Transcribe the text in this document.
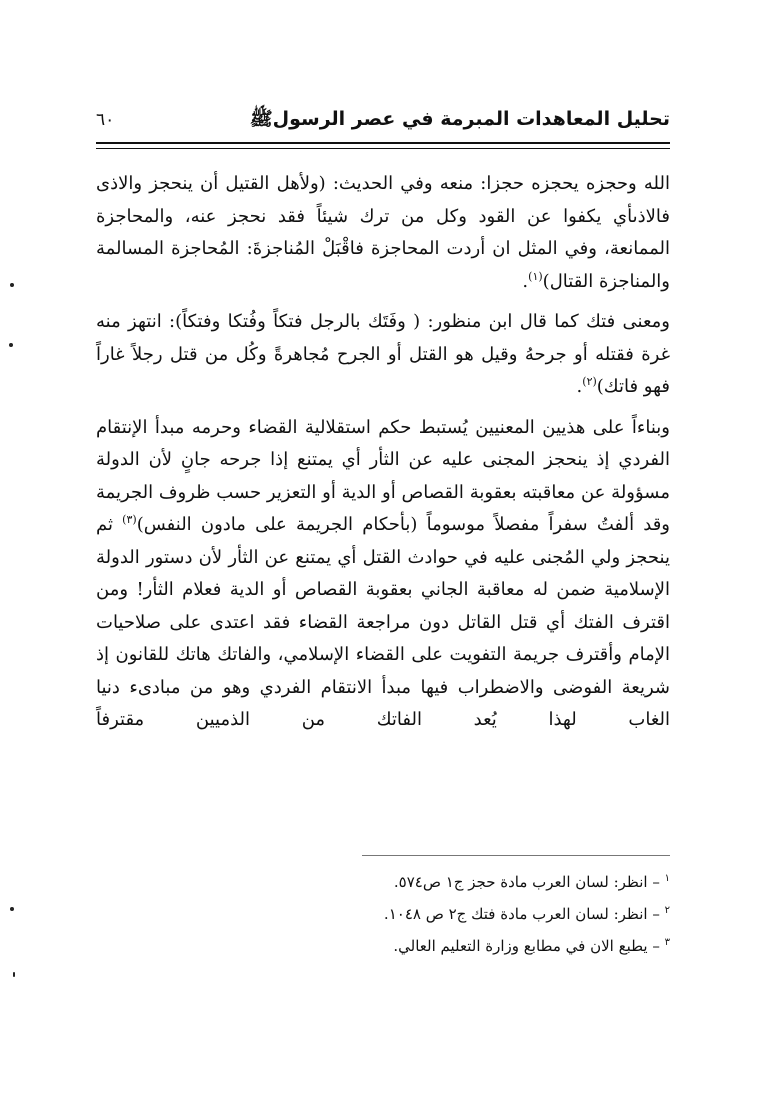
تحليل المعاهدات المبرمة في عصر الرسولﷺ
٦٠

الله وحجزه يحجزه حجزا: منعه وفي الحديث: (ولأهل القتيل أن ينحجز والاذى فالاذىأي يكفوا عن القود وكل من ترك شيئاً فقد نحجز عنه، والمحاجزة الممانعة، وفي المثل ان أردت المحاجزة فاقْبَلْ المُناجزةَ: المُحاجزة المسالمة والمناجزة القتال)$^{(١)}$.

ومعنى فتك كما قال ابن منظور: ( وفَتَك بالرجل فتكاً وفُتكا وفتكاً): انتهز منه غرة فقتله أو جرحهُ وقيل هو القتل أو الجرح مُجاهرةً وكُل من قتل رجلاً غاراً فهو فاتك)$^{(٢)}$.

وبناءاً على هذيين المعنيين يُستبط حكم استقلالية القضاء وحرمه مبدأ الإنتقام الفردي إذ ينحجز المجنى عليه عن الثأر أي يمتنع إذا جرحه جانٍ لأن الدولة مسؤولة عن معاقبته بعقوبة القصاص أو الدية أو التعزير حسب ظروف الجريمة وقد ألفتُ سفراً مفصلاً موسوماً (بأحكام الجريمة على مادون النفس)$^{(٣)}$ ثم ينحجز ولي المُجنى عليه في حوادث القتل أي يمتنع عن الثأر لأن دستور الدولة الإسلامية ضمن له معاقبة الجاني بعقوبة القصاص أو الدية فعلام الثأر! ومن اقترف الفتك أي قتل القاتل دون مراجعة القضاء فقد اعتدى على صلاحيات الإمام وأقترف جريمة التفويت على القضاء الإسلامي، والفاتك هاتك للقانون إذ شريعة الفوضى والاضطراب فيها مبدأ الانتقام الفردي وهو من مبادىء دنيا الغاب لهذا يُعد الفاتك من الذميين مقترفاً

$^١$ – انظر: لسان العرب مادة حجز ج١ ص٥٧٤.

$^٢$ – انظر: لسان العرب مادة فتك ج٢ ص ١٠٤٨.

$^٣$ – يطبع الان في مطابع وزارة التعليم العالي.
